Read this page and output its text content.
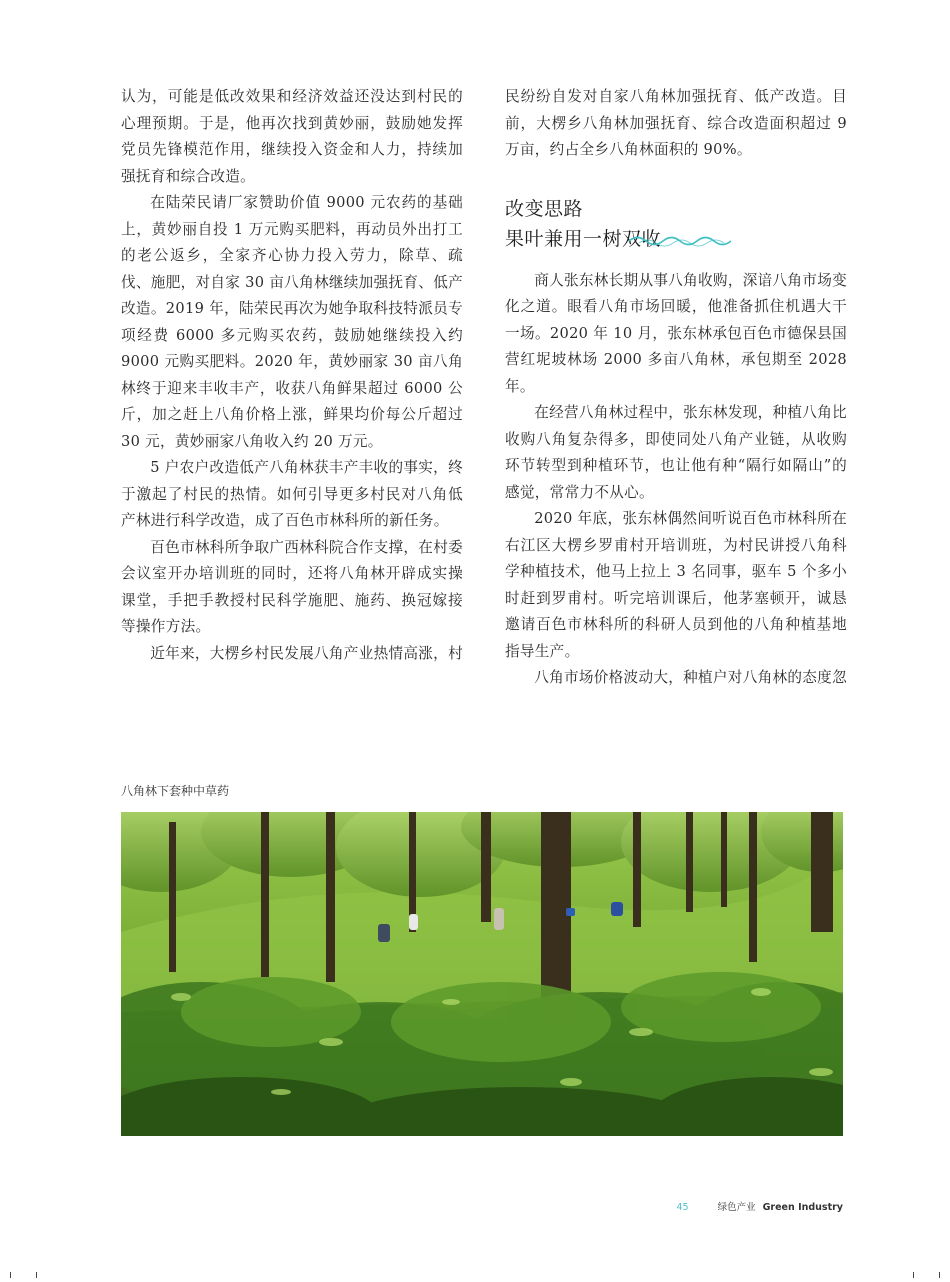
认为，可能是低改效果和经济效益还没达到村民的心理预期。于是，他再次找到黄妙丽，鼓励她发挥党员先锋模范作用，继续投入资金和人力，持续加强抚育和综合改造。

在陆荣民请厂家赞助价值 9000 元农药的基础上，黄妙丽自投 1 万元购买肥料，再动员外出打工的老公返乡，全家齐心协力投入劳力，除草、疏伐、施肥，对自家 30 亩八角林继续加强抚育、低产改造。2019 年，陆荣民再次为她争取科技特派员专项经费 6000 多元购买农药，鼓励她继续投入约 9000 元购买肥料。2020 年，黄妙丽家 30 亩八角林终于迎来丰收丰产，收获八角鲜果超过 6000 公斤，加之赶上八角价格上涨，鲜果均价每公斤超过 30 元，黄妙丽家八角收入约 20 万元。

5 户农户改造低产八角林获丰产丰收的事实，终于激起了村民的热情。如何引导更多村民对八角低产林进行科学改造，成了百色市林科所的新任务。

百色市林科所争取广西林科院合作支撑，在村委会议室开办培训班的同时，还将八角林开辟成实操课堂，手把手教授村民科学施肥、施药、换冠嫁接等操作方法。

近年来，大楞乡村民发展八角产业热情高涨，村

民纷纷自发对自家八角林加强抚育、低产改造。目前，大楞乡八角林加强抚育、综合改造面积超过 9 万亩，约占全乡八角林面积的 90%。

改变思路
果叶兼用一树双收

商人张东林长期从事八角收购，深谙八角市场变化之道。眼看八角市场回暖，他准备抓住机遇大干一场。2020 年 10 月，张东林承包百色市德保县国营红坭坡林场 2000 多亩八角林，承包期至 2028 年。

在经营八角林过程中，张东林发现，种植八角比收购八角复杂得多，即使同处八角产业链，从收购环节转型到种植环节，也让他有种“隔行如隔山”的感觉，常常力不从心。

2020 年底，张东林偶然间听说百色市林科所在右江区大楞乡罗甫村开培训班，为村民讲授八角科学种植技术，他马上拉上 3 名同事，驱车 5 个多小时赶到罗甫村。听完培训课后，他茅塞顿开，诚恳邀请百色市林科所的科研人员到他的八角种植基地指导生产。

八角市场价格波动大，种植户对八角林的态度忽

八角林下套种中草药
45	绿色产业 Green Industry
